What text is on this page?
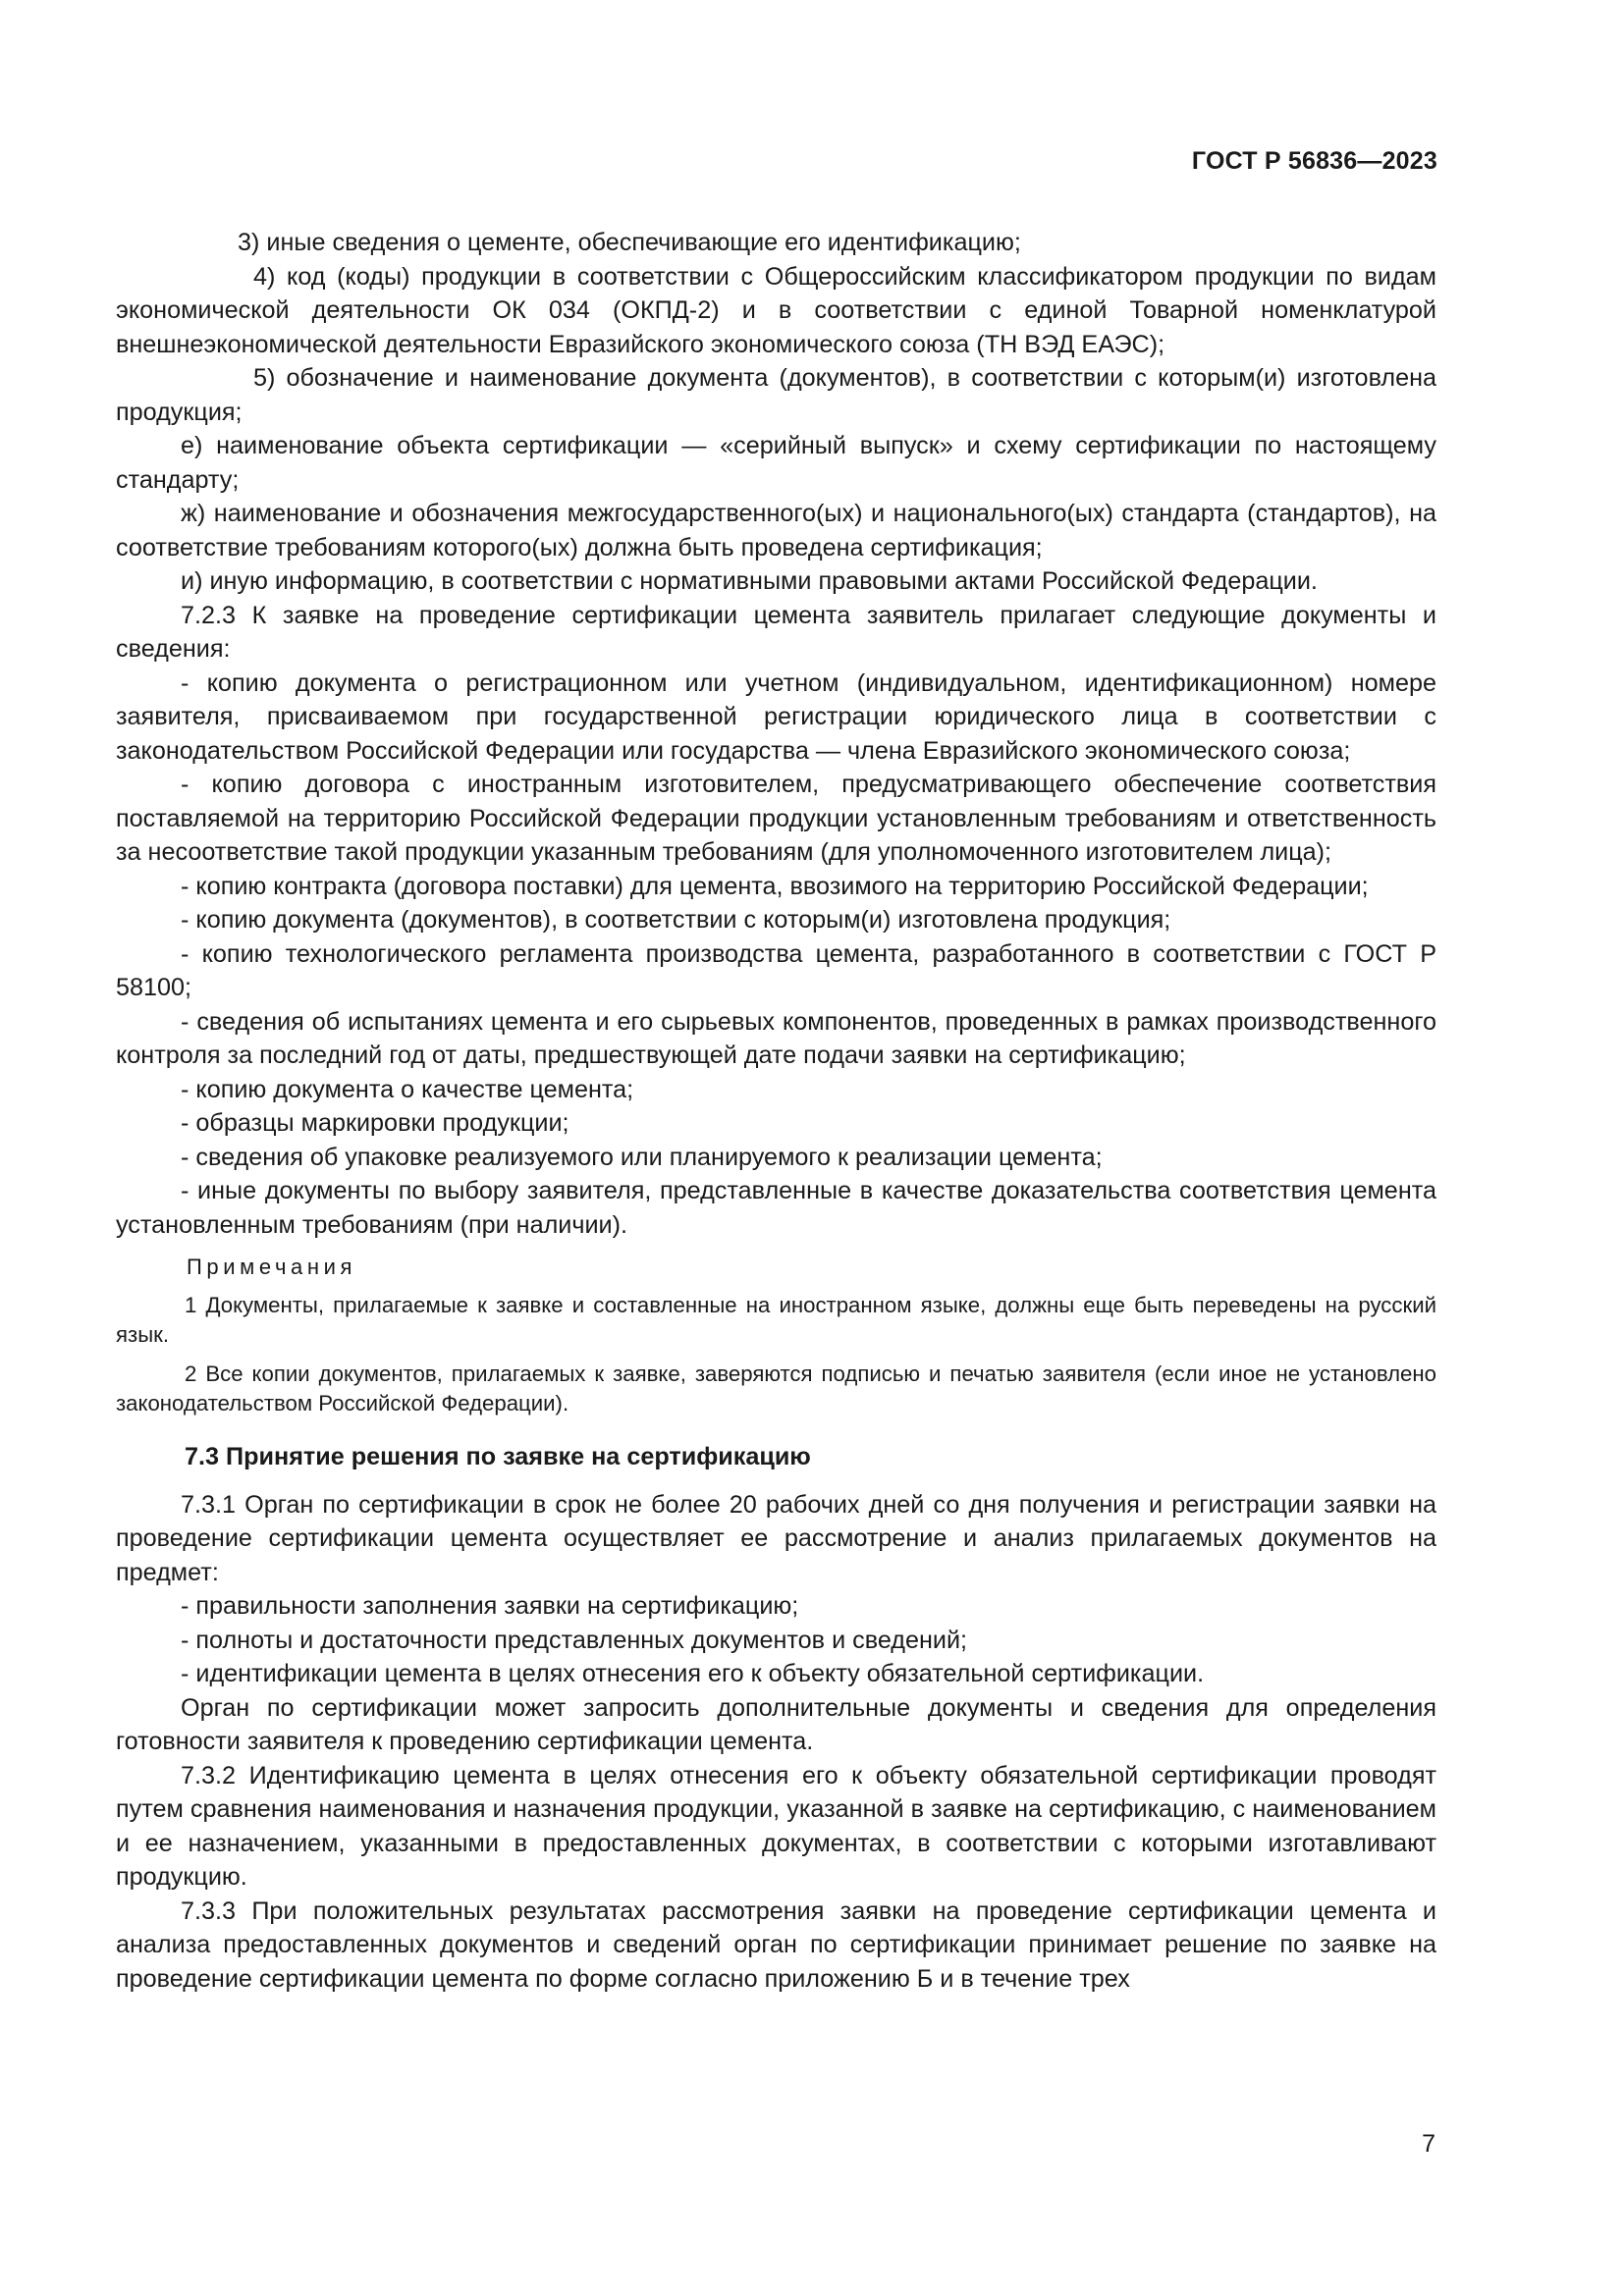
ГОСТ Р 56836—2023

3) иные сведения о цементе, обеспечивающие его идентификацию;

4) код (коды) продукции в соответствии с Общероссийским классификатором продукции по видам экономической деятельности ОК 034 (ОКПД-2) и в соответствии с единой Товарной номенклатурой внешнеэкономической деятельности Евразийского экономического союза (ТН ВЭД ЕАЭС);

5) обозначение и наименование документа (документов), в соответствии с которым(и) изготовлена продукция;

е) наименование объекта сертификации — «серийный выпуск» и схему сертификации по настоящему стандарту;

ж) наименование и обозначения межгосударственного(ых) и национального(ых) стандарта (стандартов), на соответствие требованиям которого(ых) должна быть проведена сертификация;

и) иную информацию, в соответствии с нормативными правовыми актами Российской Федерации.

7.2.3 К заявке на проведение сертификации цемента заявитель прилагает следующие документы и сведения:

- копию документа о регистрационном или учетном (индивидуальном, идентификационном) номере заявителя, присваиваемом при государственной регистрации юридического лица в соответствии с законодательством Российской Федерации или государства — члена Евразийского экономического союза;

- копию договора с иностранным изготовителем, предусматривающего обеспечение соответствия поставляемой на территорию Российской Федерации продукции установленным требованиям и ответственность за несоответствие такой продукции указанным требованиям (для уполномоченного изготовителем лица);

- копию контракта (договора поставки) для цемента, ввозимого на территорию Российской Федерации;

- копию документа (документов), в соответствии с которым(и) изготовлена продукция;

- копию технологического регламента производства цемента, разработанного в соответствии с ГОСТ Р 58100;

- сведения об испытаниях цемента и его сырьевых компонентов, проведенных в рамках производственного контроля за последний год от даты, предшествующей дате подачи заявки на сертификацию;

- копию документа о качестве цемента;

- образцы маркировки продукции;

- сведения об упаковке реализуемого или планируемого к реализации цемента;

- иные документы по выбору заявителя, представленные в качестве доказательства соответствия цемента установленным требованиям (при наличии).

Примечания

1 Документы, прилагаемые к заявке и составленные на иностранном языке, должны еще быть переведены на русский язык.

2 Все копии документов, прилагаемых к заявке, заверяются подписью и печатью заявителя (если иное не установлено законодательством Российской Федерации).

7.3 Принятие решения по заявке на сертификацию

7.3.1 Орган по сертификации в срок не более 20 рабочих дней со дня получения и регистрации заявки на проведение сертификации цемента осуществляет ее рассмотрение и анализ прилагаемых документов на предмет:

- правильности заполнения заявки на сертификацию;

- полноты и достаточности представленных документов и сведений;

- идентификации цемента в целях отнесения его к объекту обязательной сертификации.

Орган по сертификации может запросить дополнительные документы и сведения для определения готовности заявителя к проведению сертификации цемента.

7.3.2 Идентификацию цемента в целях отнесения его к объекту обязательной сертификации проводят путем сравнения наименования и назначения продукции, указанной в заявке на сертификацию, с наименованием и ее назначением, указанными в предоставленных документах, в соответствии с которыми изготавливают продукцию.

7.3.3 При положительных результатах рассмотрения заявки на проведение сертификации цемента и анализа предоставленных документов и сведений орган по сертификации принимает решение по заявке на проведение сертификации цемента по форме согласно приложению Б и в течение трех

7
